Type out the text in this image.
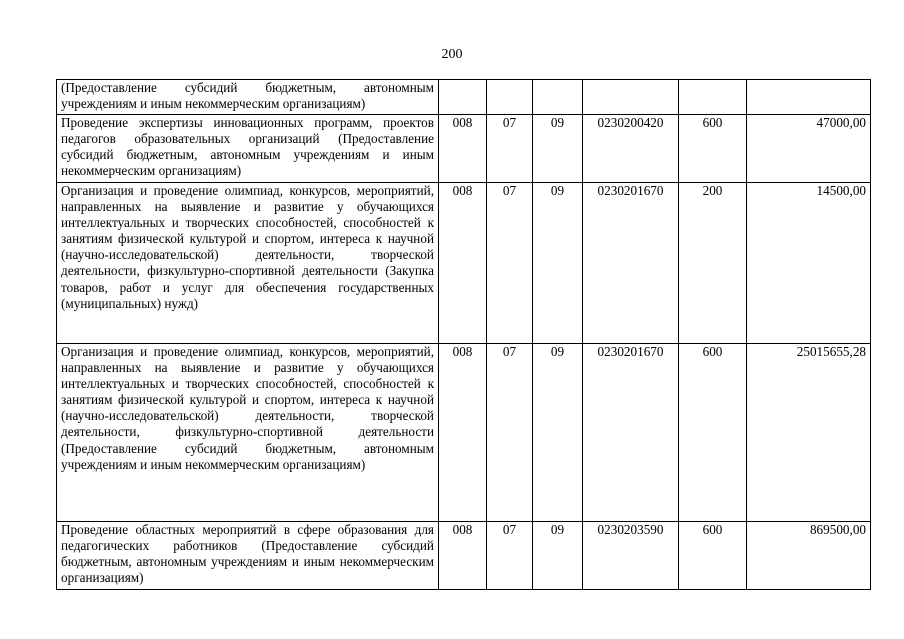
200
(Предоставление субсидий бюджетным, автономным учреждениям и иным некоммерческим организациям)						
Проведение экспертизы инновационных программ, проектов педагогов образовательных организаций (Предоставление субсидий бюджетным, автономным учреждениям и иным некоммерческим организациям)	008	07	09	0230200420	600	47000,00
Организация и проведение олимпиад, конкурсов, мероприятий, направленных на выявление и развитие у обучающихся интеллектуальных и творческих способностей, способностей к занятиям физической культурой и спортом, интереса к научной (научно-исследовательской) деятельности, творческой деятельности, физкультурно-спортивной деятельности (Закупка товаров, работ и услуг для обеспечения государственных (муниципальных) нужд)	008	07	09	0230201670	200	14500,00
Организация и проведение олимпиад, конкурсов, мероприятий, направленных на выявление и развитие у обучающихся интеллектуальных и творческих способностей, способностей к занятиям физической культурой и спортом, интереса к научной (научно-исследовательской) деятельности, творческой деятельности, физкультурно-спортивной деятельности (Предоставление субсидий бюджетным, автономным учреждениям и иным некоммерческим организациям)	008	07	09	0230201670	600	25015655,28
Проведение областных мероприятий в сфере образования для педагогических работников (Предоставление субсидий бюджетным, автономным учреждениям и иным некоммерческим организациям)	008	07	09	0230203590	600	869500,00
